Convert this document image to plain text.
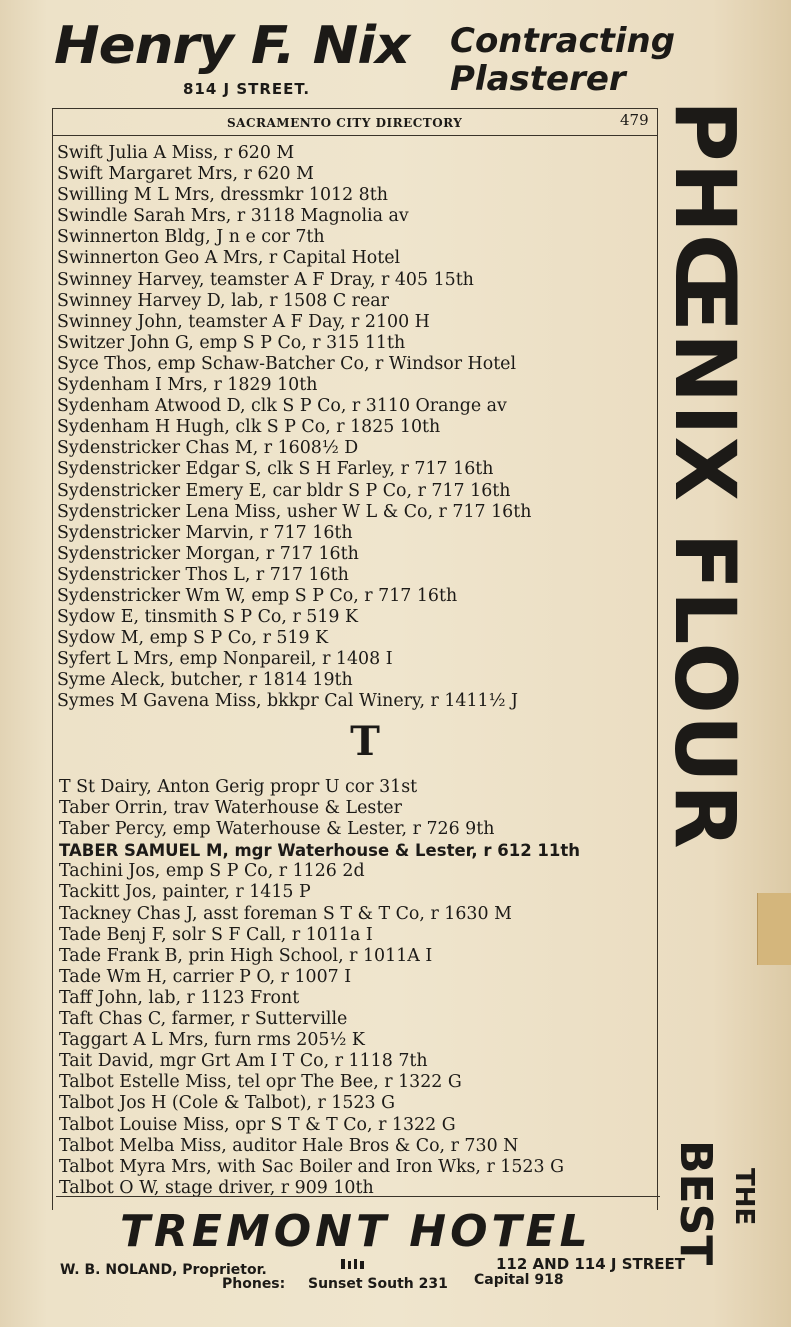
Henry F. Nix
814 J STREET.
Contracting
Plasterer
SACRAMENTO CITY DIRECTORY	479
Swift Julia A Miss, r 620 M
Swift Margaret Mrs, r 620 M
Swilling M L Mrs, dressmkr 1012 8th
Swindle Sarah Mrs, r 3118 Magnolia av
Swinnerton Bldg, J n e cor 7th
Swinnerton Geo A Mrs, r Capital Hotel
Swinney Harvey, teamster A F Dray, r 405 15th
Swinney Harvey D, lab, r 1508 C rear
Swinney John, teamster A F Day, r 2100 H
Switzer John G, emp S P Co, r 315 11th
Syce Thos, emp Schaw-Batcher Co, r Windsor Hotel
Sydenham I Mrs, r 1829 10th
Sydenham Atwood D, clk S P Co, r 3110 Orange av
Sydenham H Hugh, clk S P Co, r 1825 10th
Sydenstricker Chas M, r 1608½ D
Sydenstricker Edgar S, clk S H Farley, r 717 16th
Sydenstricker Emery E, car bldr S P Co, r 717 16th
Sydenstricker Lena Miss, usher W L & Co, r 717 16th
Sydenstricker Marvin, r 717 16th
Sydenstricker Morgan, r 717 16th
Sydenstricker Thos L, r 717 16th
Sydenstricker Wm W, emp S P Co, r 717 16th
Sydow E, tinsmith S P Co, r 519 K
Sydow M, emp S P Co, r 519 K
Syfert L Mrs, emp Nonpareil, r 1408 I
Syme Aleck, butcher, r 1814 19th
Symes M Gavena Miss, bkkpr Cal Winery, r 1411½ J
T
T St Dairy, Anton Gerig propr U cor 31st
Taber Orrin, trav Waterhouse & Lester
Taber Percy, emp Waterhouse & Lester, r 726 9th
TABER SAMUEL M, mgr Waterhouse & Lester, r 612 11th
Tachini Jos, emp S P Co, r 1126 2d
Tackitt Jos, painter, r 1415 P
Tackney Chas J, asst foreman S T & T Co, r 1630 M
Tade Benj F, solr S F Call, r 1011a I
Tade Frank B, prin High School, r 1011A I
Tade Wm H, carrier P O, r 1007 I
Taff John, lab, r 1123 Front
Taft Chas C, farmer, r Sutterville
Taggart A L Mrs, furn rms 205½ K
Tait David, mgr Grt Am I T Co, r 1118 7th
Talbot Estelle Miss, tel opr The Bee, r 1322 G
Talbot Jos H (Cole & Talbot), r 1523 G
Talbot Louise Miss, opr S T & T Co, r 1322 G
Talbot Melba Miss, auditor Hale Bros & Co, r 730 N
Talbot Myra Mrs, with Sac Boiler and Iron Wks, r 1523 G
Talbot O W, stage driver, r 909 10th
PHŒNIX FLOUR
BEST THE
TREMONT HOTEL
W. B. NOLAND, Proprietor.
Phones: Sunset South 231
112 AND 114 J STREET
Capital 918
